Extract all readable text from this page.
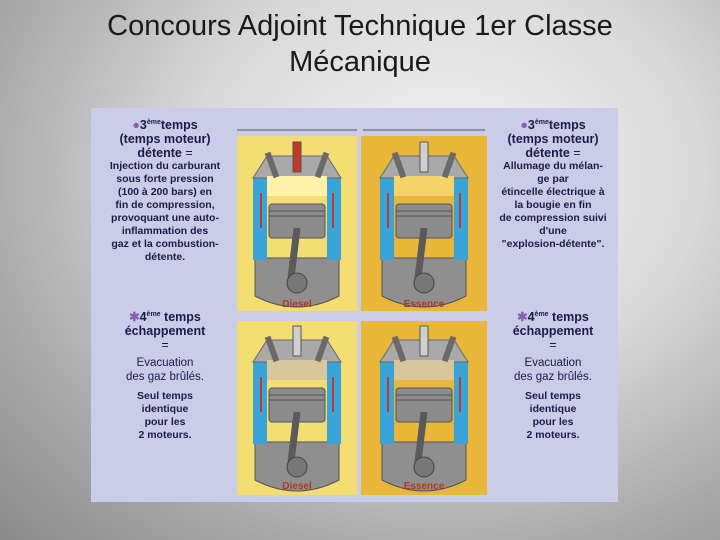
Concours Adjoint Technique 1er Classe
Mécanique
●3èmetemps
(temps moteur)
détente =
Injection du carburant
sous forte pression
(100 à 200 bars) en
fin de compression,
provoquant une auto-
inflammation des
gaz et la combustion-
détente.
●3èmetemps
(temps moteur)
détente =
Allumage du mélan-
ge par
étincelle électrique à
la bougie en fin
de compression suivi
d'une
"explosion-détente".
✱4ème temps
échappement
=
Evacuation
des gaz brûlés.
Seul temps
identique
pour les
2 moteurs.
✱4ème temps
échappement
=
Evacuation
des gaz brûlés.
Seul temps
identique
pour les
2 moteurs.
Diesel	Essence
Diesel	Essence
